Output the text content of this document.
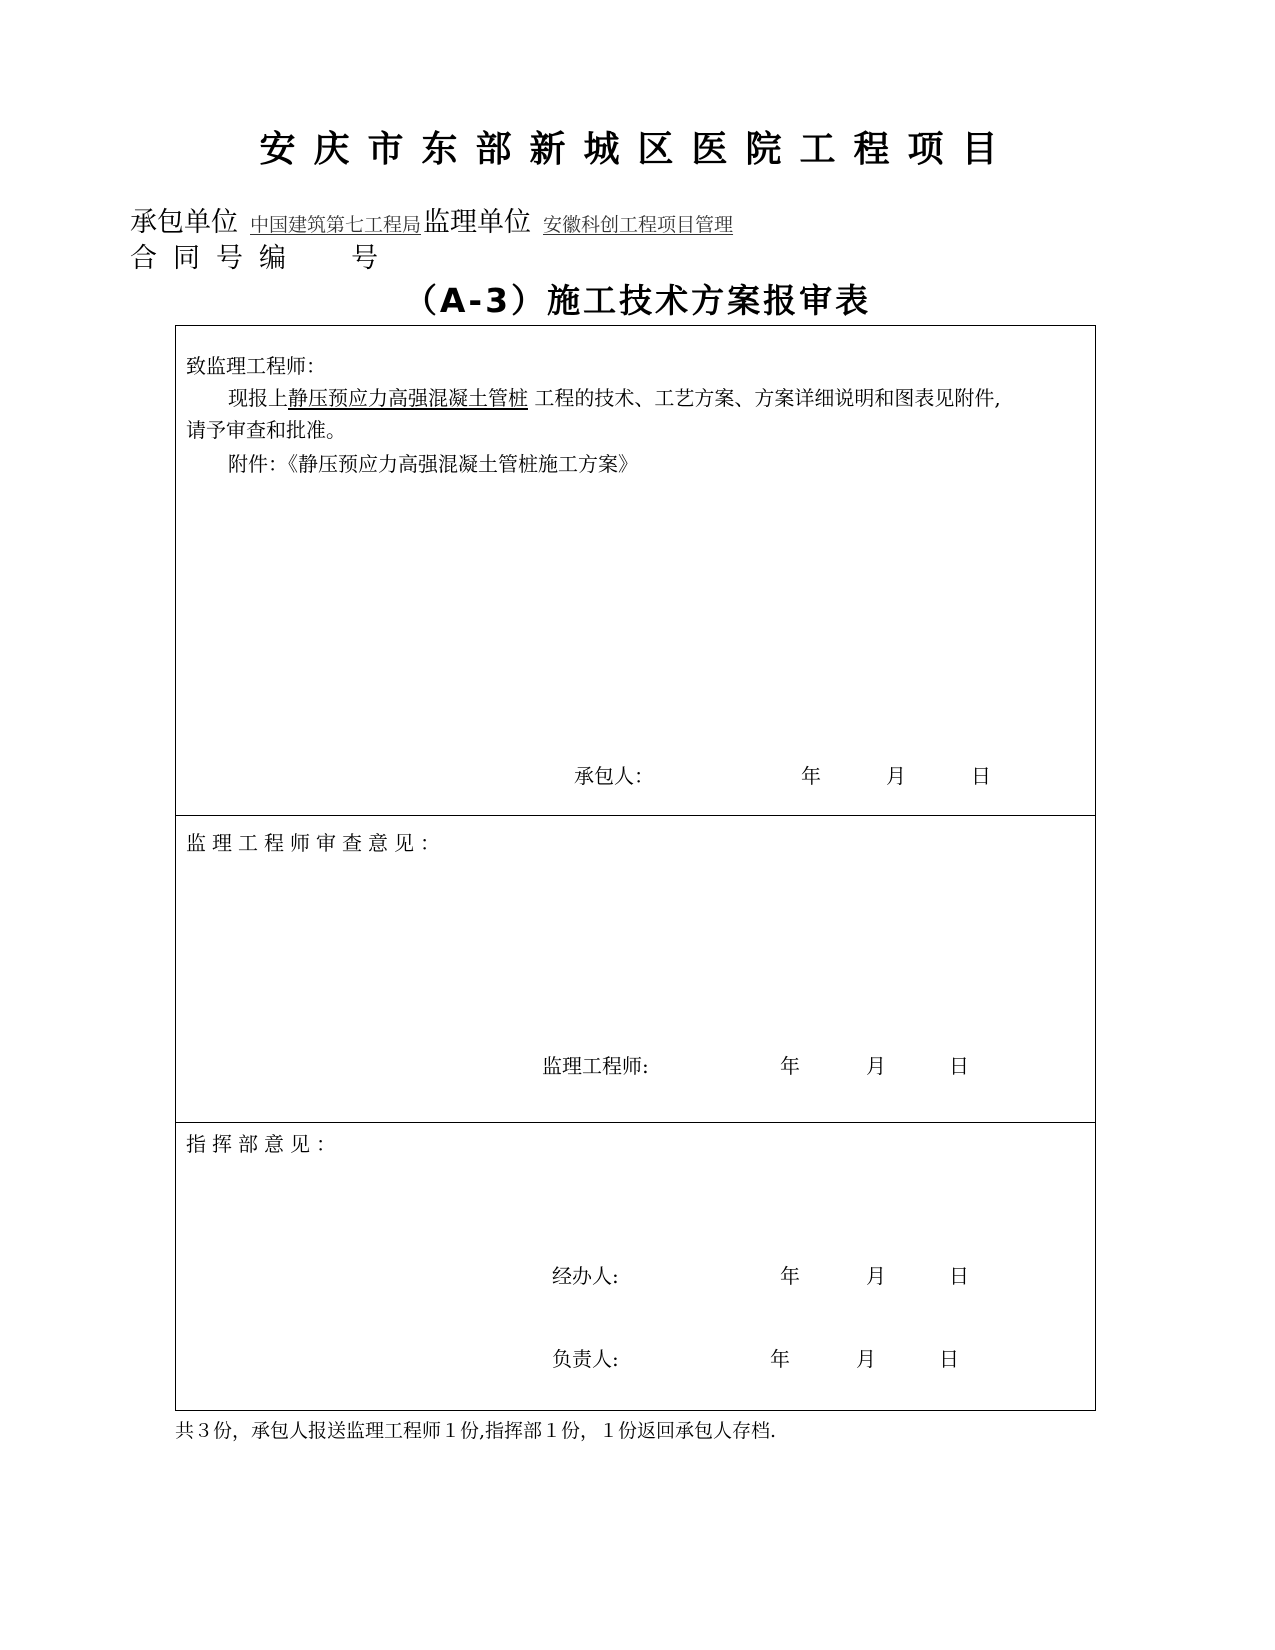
安庆市东部新城区医院工程项目
承包单位 中国建筑第七工程局监理单位 安徽科创工程项目管理
合同号编  号
（A-3）施工技术方案报审表
致监理工程师：
现报上静压预应力高强混凝土管桩 工程的技术、工艺方案、方案详细说明和图表见附件,
请予审查和批准。
附件：《静压预应力高强混凝土管桩施工方案》
承包人：	年	月	日
监理工程师审查意见：
监理工程师:	年	月	日
指挥部意见：
经办人:	年	月	日
负责人:	年	月	日
共３份，承包人报送监理工程师１份,指挥部１份，１份返回承包人存档.
